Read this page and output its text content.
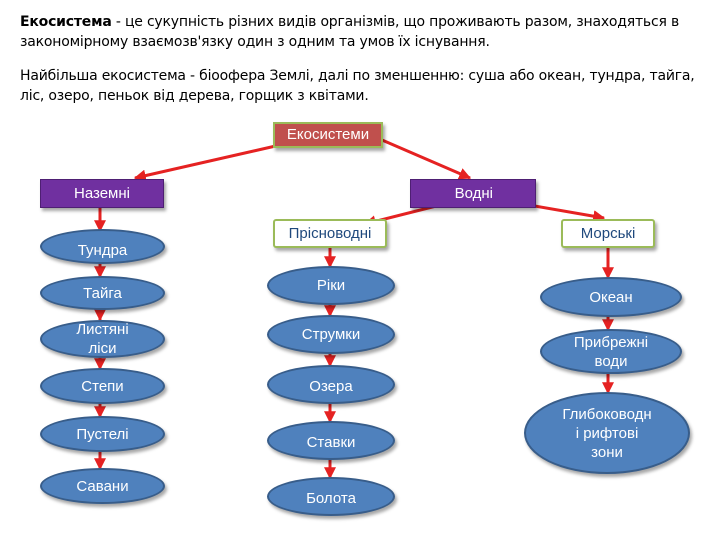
Екосистема - це сукупність різних видів організмів, що проживають разом, знаходяться в закономірному взаємозв'язку один з одним та умов їх існування.
Найбільша екосистема - біоофера Землі, далі по зменшенню: суша або океан, тундра, тайга, ліс, озеро, пеньок від дерева, горщик з квітами.
Екосистеми
Наземні	Водні
Прісноводні	Морські
Тундра
Тайга
Листяні ліси
Степи
Пустелі
Савани
Ріки
Струмки
Озера
Ставки
Болота
Океан
Прибрежні
води
Глибоководн
і рифтові
зони
